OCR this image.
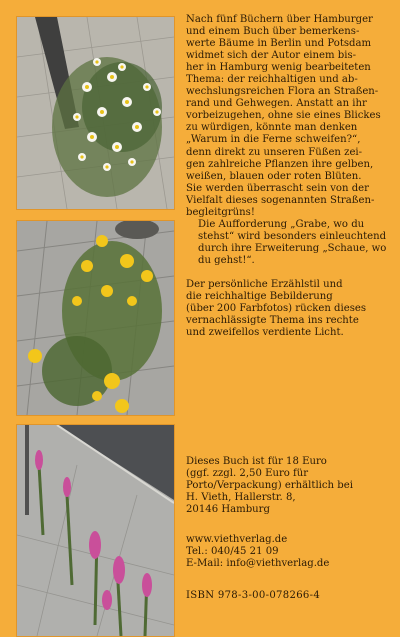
Nach fünf Büchern über Hamburger
und einem Buch über bemerkens-
werte Bäume in Berlin und Potsdam
widmet sich der Autor einem bis-
her in Hamburg wenig bearbeiteten
Thema: der reichhaltigen und ab-
wechslungsreichen Flora an Straßen-
rand und Gehwegen. Anstatt an ihr
vorbeizugehen, ohne sie eines Blickes
zu würdigen, könnte man denken
„Warum in die Ferne schweifen?“,
denn direkt zu unseren Füßen zei-
gen zahlreiche Pflanzen ihre gelben,
weißen, blauen oder roten Blüten.
Sie werden überrascht sein von der
Vielfalt dieses sogenannten Straßen-
begleitgrüns!

Die Aufforderung „Grabe, wo du
stehst“ wird besonders einleuchtend
durch ihre Erweiterung „Schaue, wo
du gehst!“.

Der persönliche Erzählstil und
die reichhaltige Bebilderung
(über 200 Farbfotos) rücken dieses
vernachlässigte Thema ins rechte
und zweifellos verdiente Licht.

Dieses Buch ist für 18 Euro
(ggf. zzgl. 2,50 Euro für
Porto/Verpackung) erhältlich bei
H. Vieth, Hallerstr. 8,
20146 Hamburg
www.viethverlag.de
Tel.: 040/45 21 09
E-Mail: info@viethverlag.de
ISBN 978-3-00-078266-4
